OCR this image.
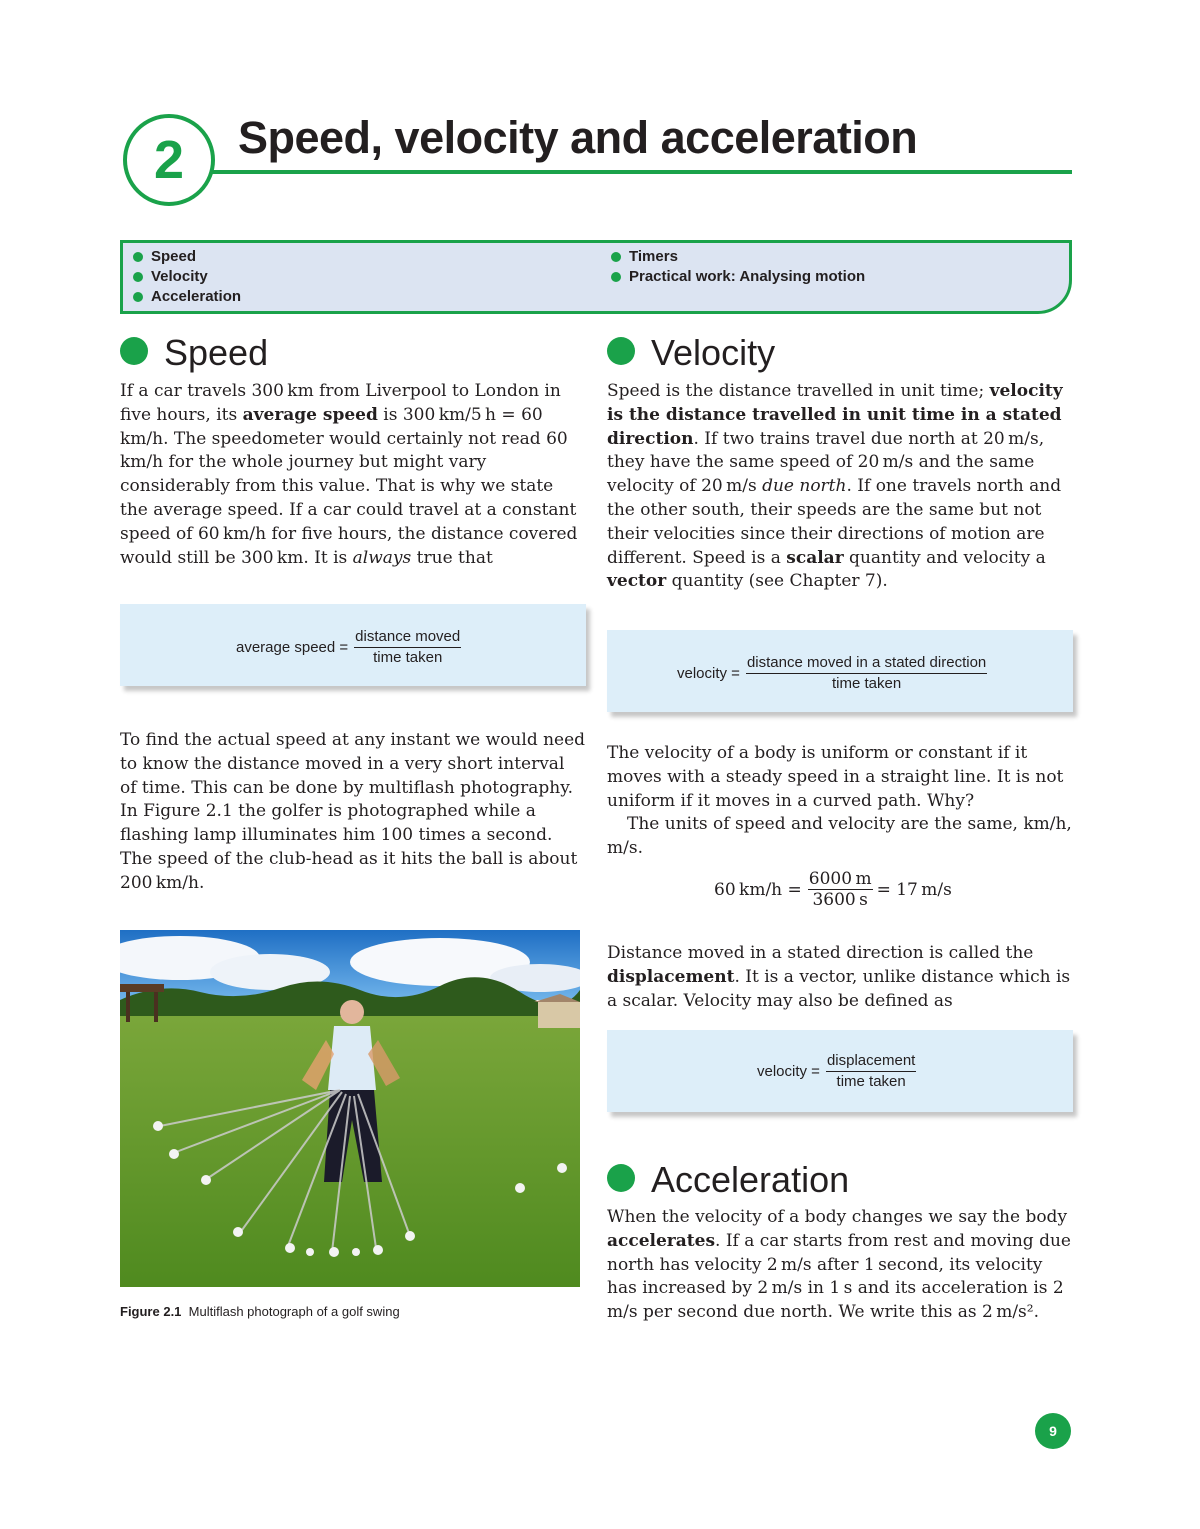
2	Speed, velocity and acceleration
Speed
Velocity
Acceleration
Timers
Practical work: Analysing motion
Speed

If a car travels 300 km from Liverpool to London in five hours, its average speed is 300 km/5 h = 60 km/h. The speedometer would certainly not read 60 km/h for the whole journey but might vary considerably from this value. That is why we state the average speed. If a car could travel at a constant speed of 60 km/h for five hours, the distance covered would still be 300 km. It is always true that

average speed = $\frac{\text{distance moved}}{\text{time taken}}$

To find the actual speed at any instant we would need to know the distance moved in a very short interval of time. This can be done by multiflash photography. In Figure 2.1 the golfer is photographed while a flashing lamp illuminates him 100 times a second. The speed of the club-head as it hits the ball is about 200 km/h.

Figure 2.1 Multiflash photograph of a golf swing
Velocity

Speed is the distance travelled in unit time; velocity is the distance travelled in unit time in a stated direction. If two trains travel due north at 20 m/s, they have the same speed of 20 m/s and the same velocity of 20 m/s due north. If one travels north and the other south, their speeds are the same but not their velocities since their directions of motion are different. Speed is a scalar quantity and velocity a vector quantity (see Chapter 7).

velocity = $\frac{\text{distance moved in a stated direction}}{\text{time taken}}$

The velocity of a body is uniform or constant if it moves with a steady speed in a straight line. It is not uniform if it moves in a curved path. Why?

The units of speed and velocity are the same, km/h, m/s.

60 $km/h = \frac{6000 m}{3600 s} = 17$ m/s

Distance moved in a stated direction is called the displacement. It is a vector, unlike distance which is a scalar. Velocity may also be defined as

velocity = $\frac{\text{displacement}}{\text{time taken}}$
Acceleration

When the velocity of a body changes we say the body accelerates. If a car starts from rest and moving due north has velocity 2 m/s after 1 second, its velocity has increased by 2 m/s in 1 s and its acceleration is 2 m/s per second due north. We write this as 2 m/s².

9
